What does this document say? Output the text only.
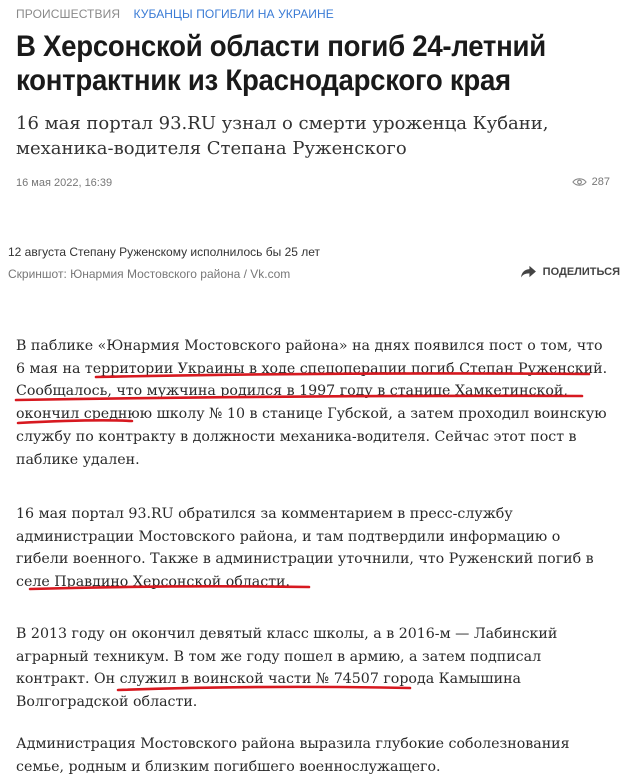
ПРОИСШЕСТВИЯ КУБАНЦЫ ПОГИБЛИ НА УКРАИНЕ
В Херсонской области погиб 24-летний контрактник из Краснодарского края

16 мая портал 93.RU узнал о смерти уроженца Кубани, механика-водителя Степана Руженского

16 мая 2022, 16:39	287
12 августа Степану Руженскому исполнилось бы 25 лет
Скриншот: Юнармия Мостовского района / Vk.com	ПОДЕЛИТЬСЯ

В паблике «Юнармия Мостовского района» на днях появился пост о том, что 6 мая на территории Украины в ходе спецоперации погиб Степан Руженский. Сообщалось, что мужчина родился в 1997 году в станице Хамкетинской, окончил среднюю школу № 10 в станице Губской, а затем проходил воинскую службу по контракту в должности механика-водителя. Сейчас этот пост в паблике удален.

16 мая портал 93.RU обратился за комментарием в пресс-службу администрации Мостовского района, и там подтвердили информацию о гибели военного. Также в администрации уточнили, что Руженский погиб в селе Правдино Херсонской области.

В 2013 году он окончил девятый класс школы, а в 2016-м — Лабинский аграрный техникум. В том же году пошел в армию, а затем подписал контракт. Он служил в воинской части № 74507 города Камышина Волгоградской области.

Администрация Мостовского района выразила глубокие соболезнования семье, родным и близким погибшего военнослужащего.
